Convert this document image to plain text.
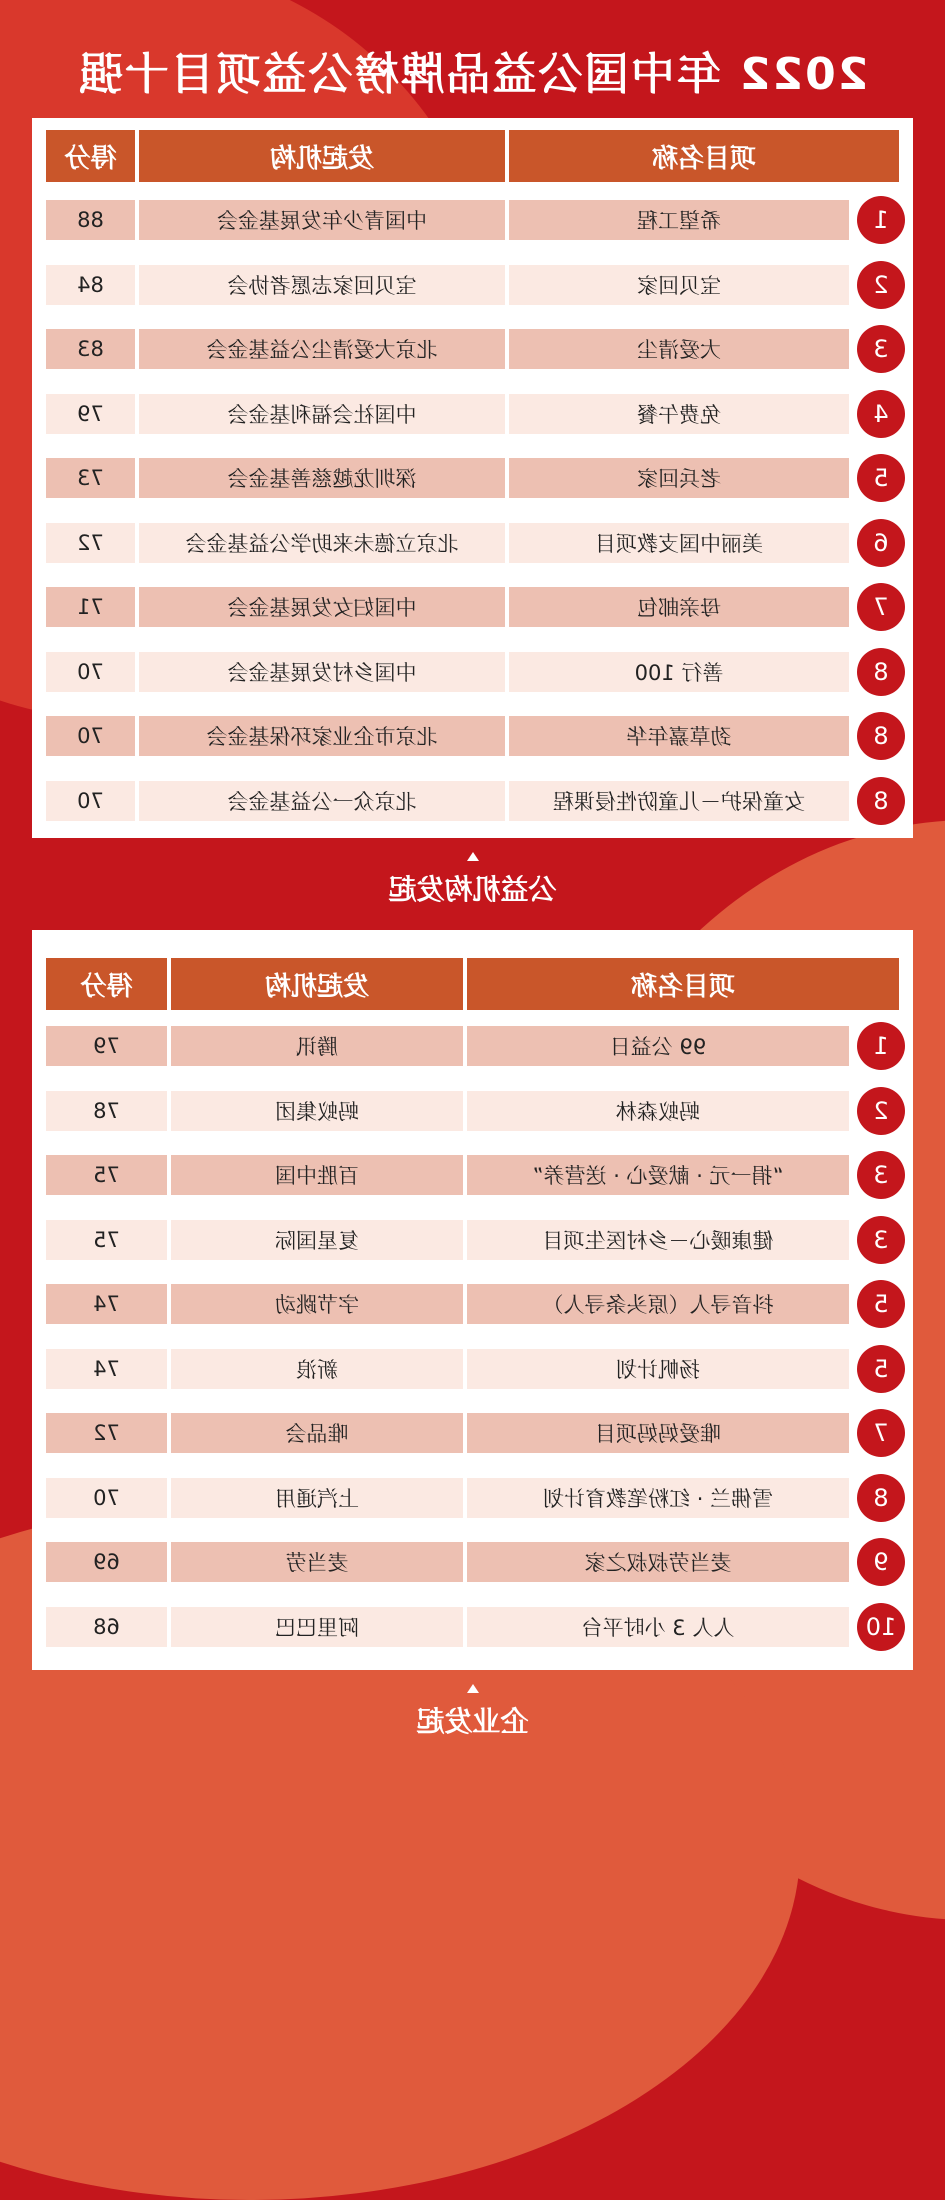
2022 年中国公益品牌榜公益项目十强
项目名称
发起机构
得分
希望工程
中国青少年发展基金会
88	1
宝贝回家
宝贝回家志愿者协会
84	2
大爱清尘
北京大爱清尘公益基金会
83	3
免费午餐
中国社会福利基金会
79	4
老兵回家
深圳龙越慈善基金会
73	5
美丽中国支教项目
北京立德未来助学公益基金会
72	6
母亲邮包
中国妇女发展基金会
71	7
善行 100
中国乡村发展基金会
70	8
劲草嘉年华
北京市企业家环保基金会
70	8
女童保护－儿童防性侵课程
北京众一公益基金会
70	8
公益机构发起
项目名称
发起机构
得分
99 公益日
腾讯
79	1
蚂蚁森林
蚂蚁集团
78	2
“捐一元 · 献爱心 · 送营养”
百胜中国
75	3
健康暖心－乡村医生项目
复星国际
75	3
抖音寻人（原头条寻人）
字节跳动
74	5
扬帆计划
新浪
74	5
唯爱妈妈项目
唯品会
72	7
雪佛兰 · 红粉笔教育计划
上汽通用
70	8
麦当劳叔叔之家
麦当劳
69	9
人人 3 小时平台
阿里巴巴
68	10
企业发起
